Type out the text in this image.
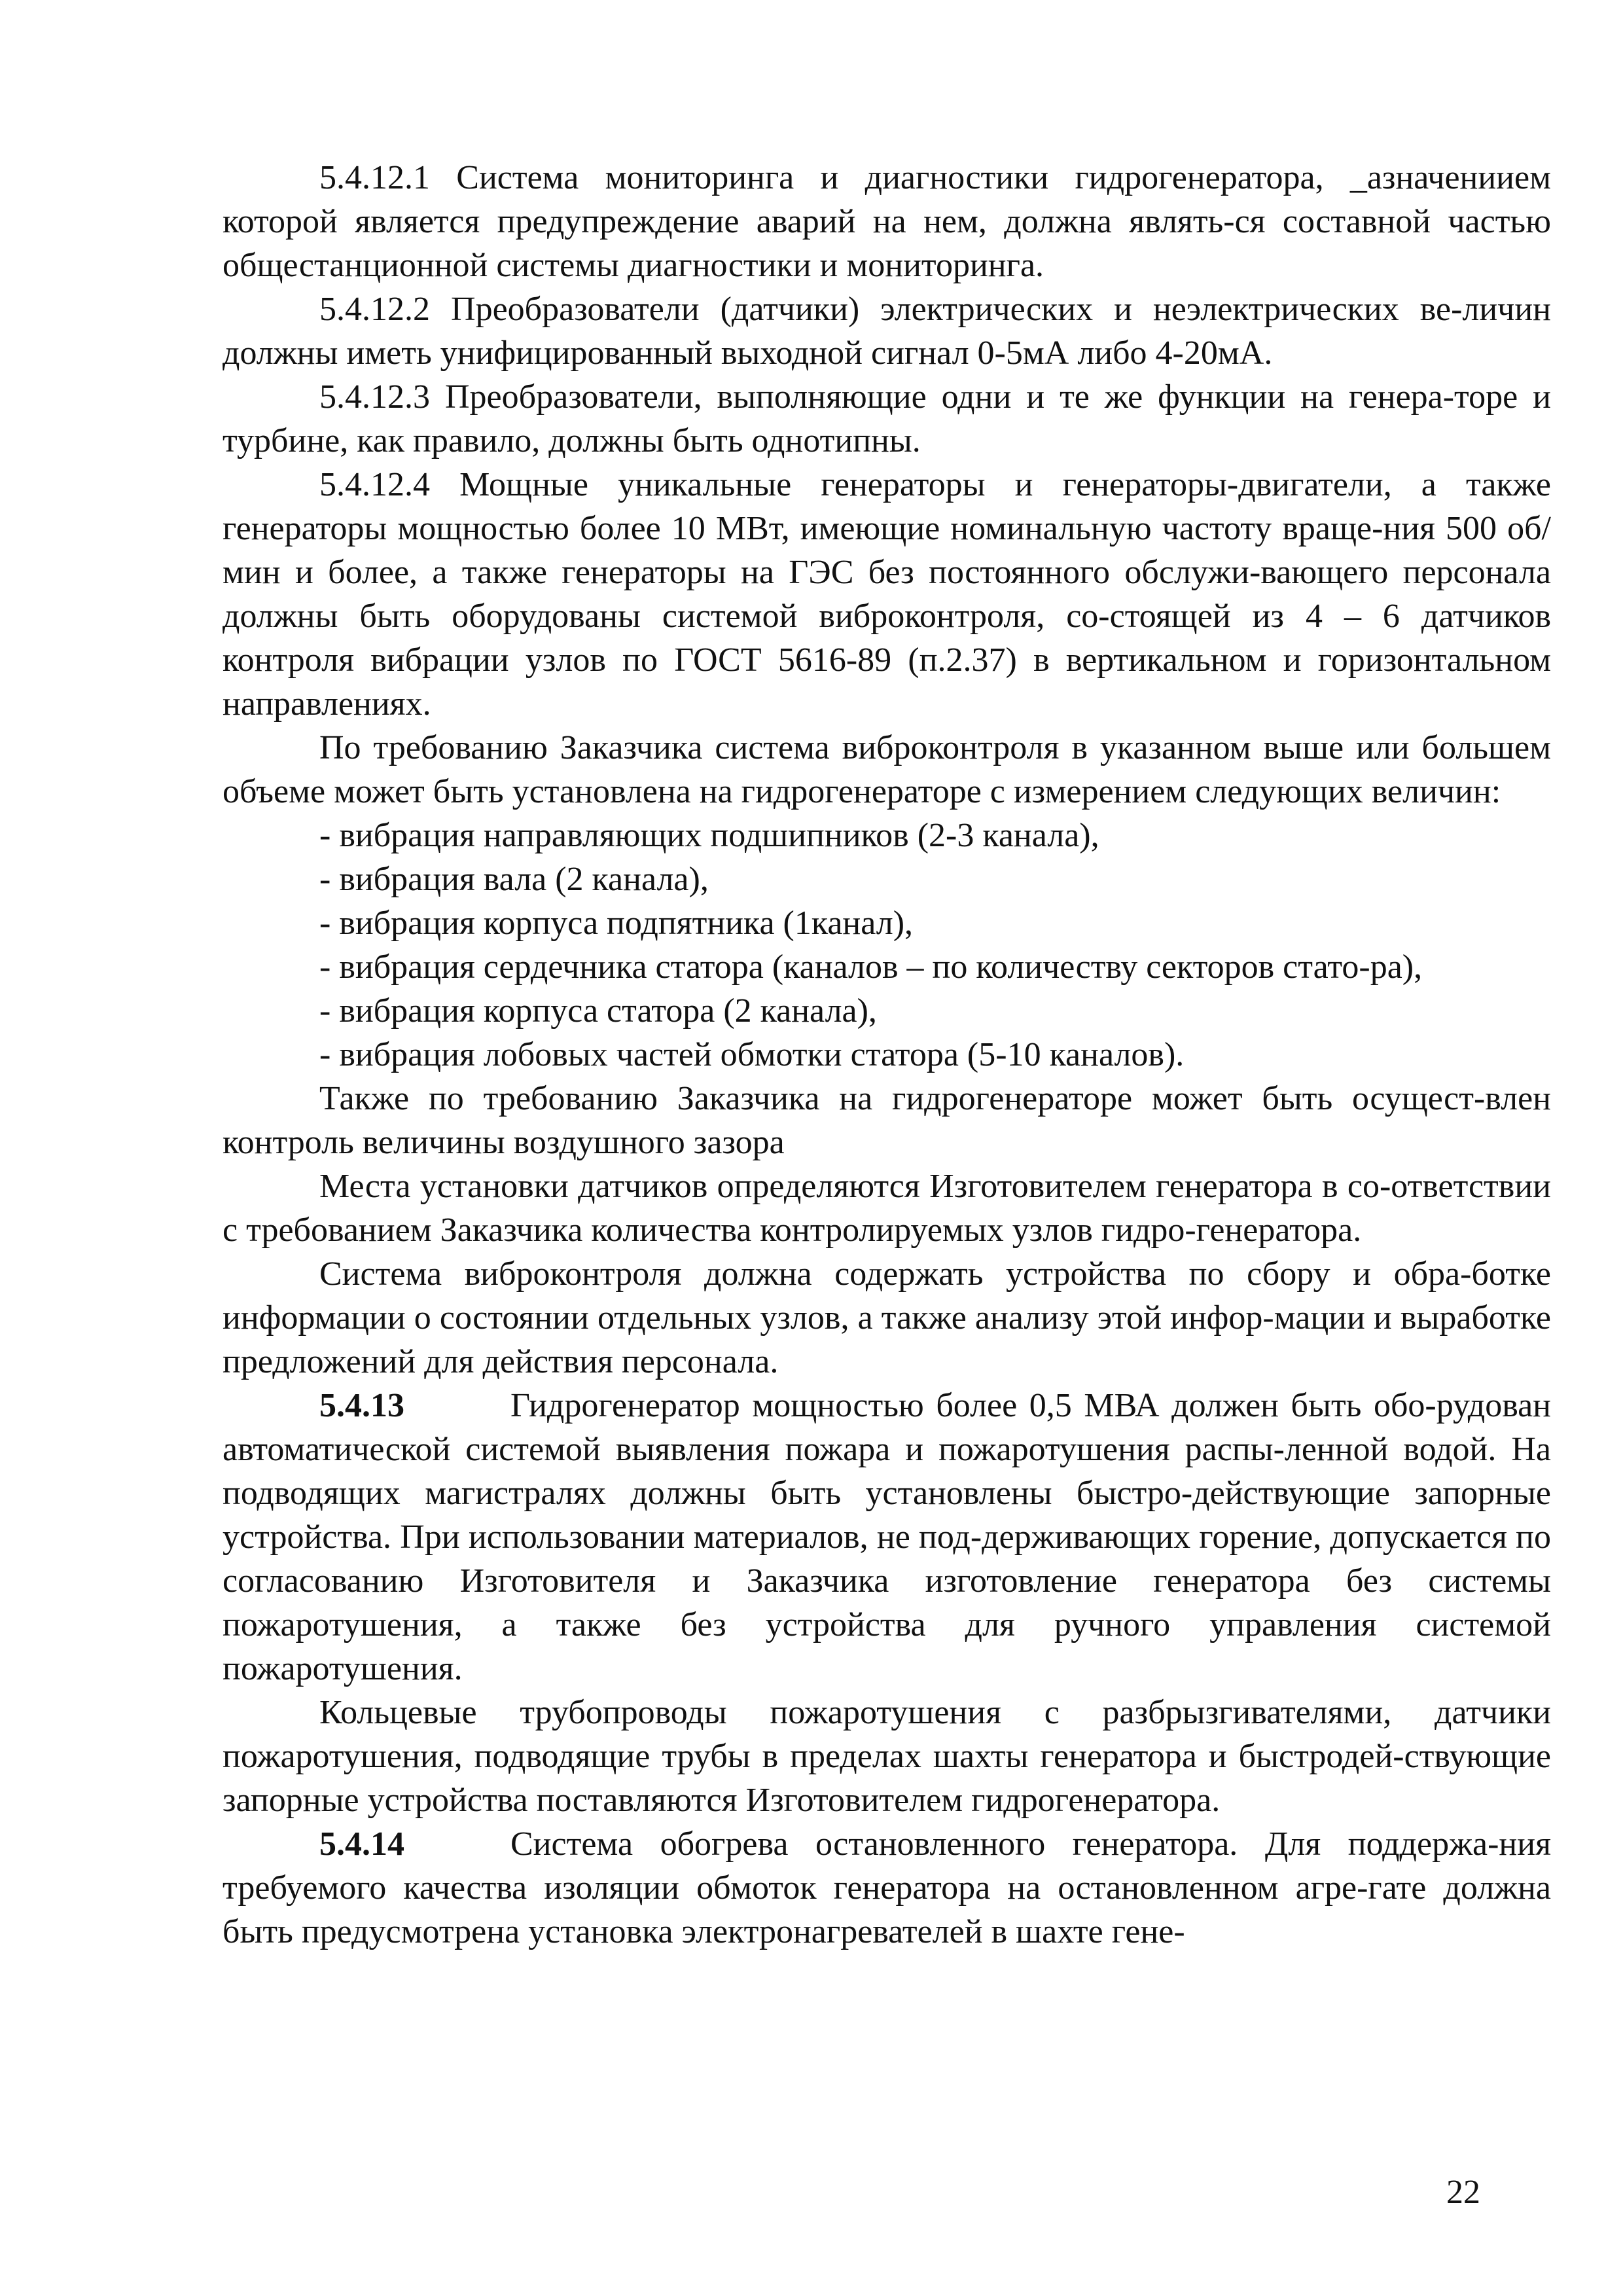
5.4.12.1 Система мониторинга и диагностики гидрогенератора, _азначениием которой является предупреждение аварий на нем, должна являть-ся составной частью общестанционной системы диагностики и мониторинга.

5.4.12.2 Преобразователи (датчики) электрических и неэлектрических ве-личин должны иметь унифицированный выходной сигнал 0-5мА либо 4-20мА.

5.4.12.3 Преобразователи, выполняющие одни и те же функции на генера-торе и турбине, как правило, должны быть однотипны.

5.4.12.4 Мощные уникальные генераторы и генераторы-двигатели, а также генераторы мощностью более 10 МВт, имеющие номинальную частоту враще-ния 500 об/мин и более, а также генераторы на ГЭС без постоянного обслужи-вающего персонала должны быть оборудованы системой виброконтроля, со-стоящей из 4 – 6 датчиков контроля вибрации узлов по ГОСТ 5616-89 (п.2.37) в вертикальном и горизонтальном направлениях.

По требованию Заказчика система виброконтроля в указанном выше или большем объеме может быть установлена на гидрогенераторе с измерением следующих величин:

- вибрация направляющих подшипников (2-3 канала),

- вибрация вала (2 канала),

- вибрация корпуса подпятника (1канал),

- вибрация сердечника статора (каналов – по количеству секторов стато-ра),

- вибрация корпуса статора (2 канала),

- вибрация лобовых частей обмотки статора (5-10 каналов).

Также по требованию Заказчика на гидрогенераторе может быть осущест-влен контроль величины воздушного зазора

Места установки датчиков определяются Изготовителем генератора в со-ответствии с требованием Заказчика количества контролируемых узлов гидро-генератора.

Система виброконтроля должна содержать устройства по сбору и обра-ботке информации о состоянии отдельных узлов, а также анализу этой инфор-мации и выработке предложений для действия персонала.

5.4.13	Гидрогенератор мощностью более 0,5 МВА должен быть обо-рудован автоматической системой выявления пожара и пожаротушения распы-ленной водой. На подводящих магистралях должны быть установлены быстро-действующие запорные устройства. При использовании материалов, не под-держивающих горение, допускается по согласованию Изготовителя и Заказчика изготовление генератора без системы пожаротушения, а также без устройства для ручного управления системой пожаротушения.

Кольцевые трубопроводы пожаротушения с разбрызгивателями, датчики пожаротушения, подводящие трубы в пределах шахты генератора и быстродей-ствующие запорные устройства поставляются Изготовителем гидрогенератора.

5.4.14	Система обогрева остановленного генератора. Для поддержа-ния требуемого качества изоляции обмоток генератора на остановленном агре-гате должна быть предусмотрена установка электронагревателей в шахте гене-

22
